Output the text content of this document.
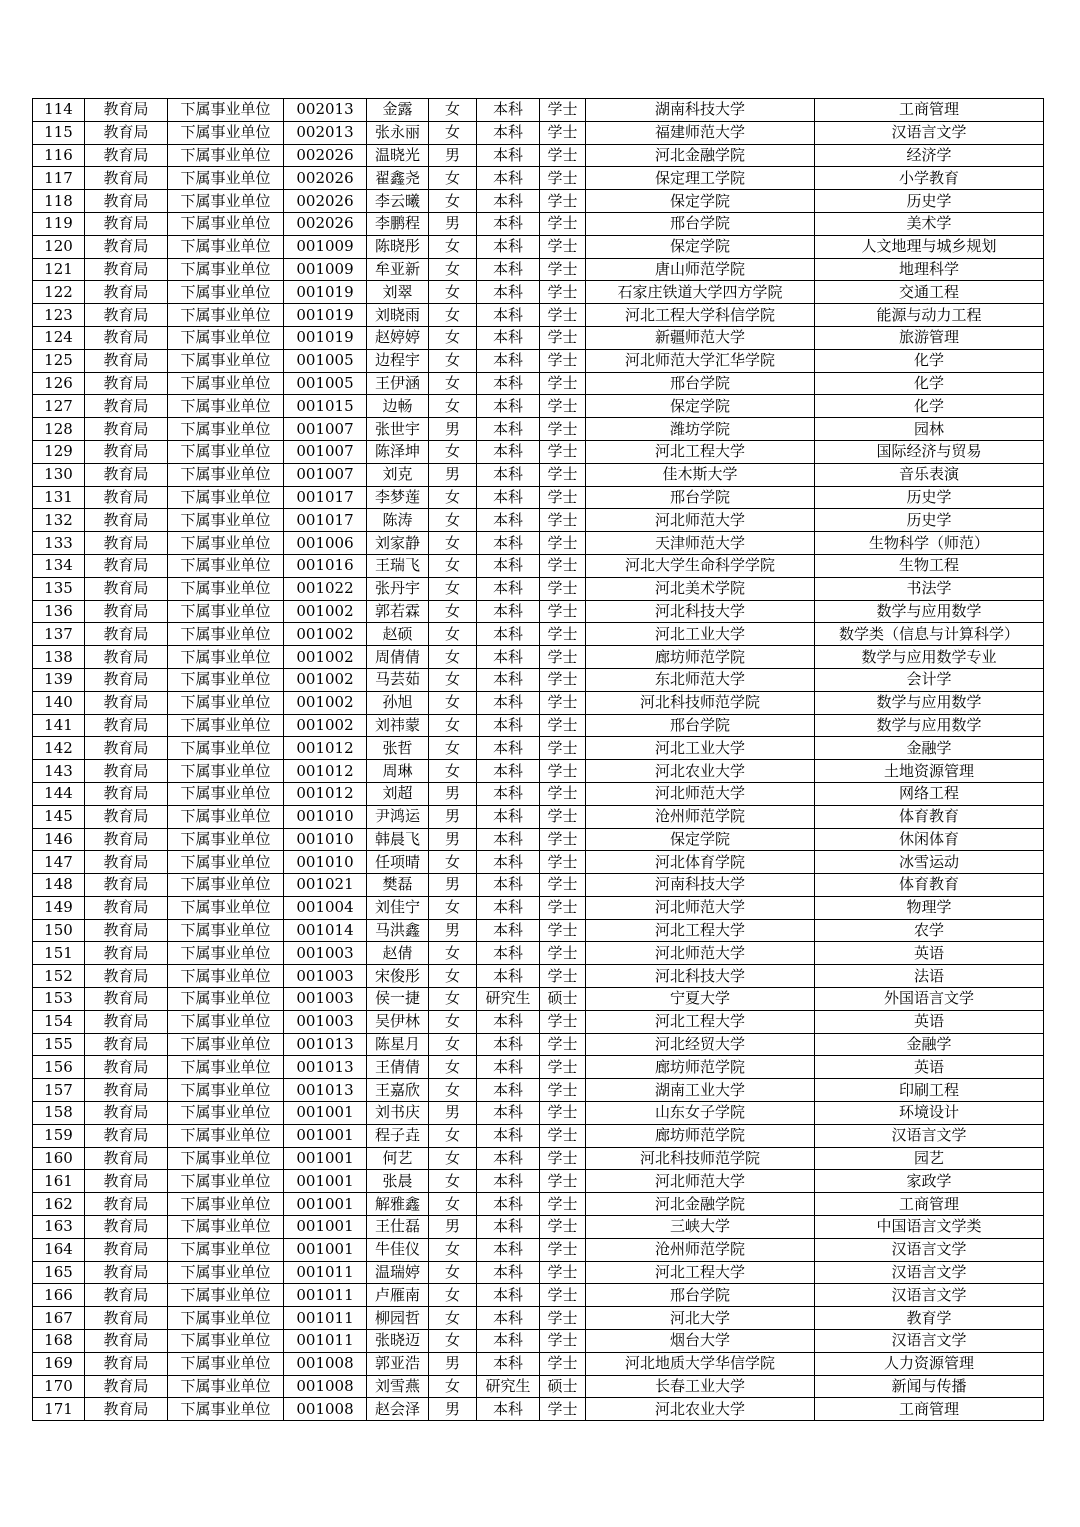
114	教育局	下属事业单位	002013	金露	女	本科	学士	湖南科技大学	工商管理
115	教育局	下属事业单位	002013	张永丽	女	本科	学士	福建师范大学	汉语言文学
116	教育局	下属事业单位	002026	温晓光	男	本科	学士	河北金融学院	经济学
117	教育局	下属事业单位	002026	翟鑫尧	女	本科	学士	保定理工学院	小学教育
118	教育局	下属事业单位	002026	李云曦	女	本科	学士	保定学院	历史学
119	教育局	下属事业单位	002026	李鹏程	男	本科	学士	邢台学院	美术学
120	教育局	下属事业单位	001009	陈晓彤	女	本科	学士	保定学院	人文地理与城乡规划
121	教育局	下属事业单位	001009	牟亚新	女	本科	学士	唐山师范学院	地理科学
122	教育局	下属事业单位	001019	刘翠	女	本科	学士	石家庄铁道大学四方学院	交通工程
123	教育局	下属事业单位	001019	刘晓雨	女	本科	学士	河北工程大学科信学院	能源与动力工程
124	教育局	下属事业单位	001019	赵婷婷	女	本科	学士	新疆师范大学	旅游管理
125	教育局	下属事业单位	001005	边程宇	女	本科	学士	河北师范大学汇华学院	化学
126	教育局	下属事业单位	001005	王伊涵	女	本科	学士	邢台学院	化学
127	教育局	下属事业单位	001015	边畅	女	本科	学士	保定学院	化学
128	教育局	下属事业单位	001007	张世宇	男	本科	学士	潍坊学院	园林
129	教育局	下属事业单位	001007	陈泽坤	女	本科	学士	河北工程大学	国际经济与贸易
130	教育局	下属事业单位	001007	刘克	男	本科	学士	佳木斯大学	音乐表演
131	教育局	下属事业单位	001017	李梦莲	女	本科	学士	邢台学院	历史学
132	教育局	下属事业单位	001017	陈涛	女	本科	学士	河北师范大学	历史学
133	教育局	下属事业单位	001006	刘家静	女	本科	学士	天津师范大学	生物科学（师范）
134	教育局	下属事业单位	001016	王瑞飞	女	本科	学士	河北大学生命科学学院	生物工程
135	教育局	下属事业单位	001022	张丹宇	女	本科	学士	河北美术学院	书法学
136	教育局	下属事业单位	001002	郭若霖	女	本科	学士	河北科技大学	数学与应用数学
137	教育局	下属事业单位	001002	赵硕	女	本科	学士	河北工业大学	数学类（信息与计算科学）
138	教育局	下属事业单位	001002	周倩倩	女	本科	学士	廊坊师范学院	数学与应用数学专业
139	教育局	下属事业单位	001002	马芸茹	女	本科	学士	东北师范大学	会计学
140	教育局	下属事业单位	001002	孙旭	女	本科	学士	河北科技师范学院	数学与应用数学
141	教育局	下属事业单位	001002	刘祎蒙	女	本科	学士	邢台学院	数学与应用数学
142	教育局	下属事业单位	001012	张哲	女	本科	学士	河北工业大学	金融学
143	教育局	下属事业单位	001012	周琳	女	本科	学士	河北农业大学	土地资源管理
144	教育局	下属事业单位	001012	刘超	男	本科	学士	河北师范大学	网络工程
145	教育局	下属事业单位	001010	尹鸿运	男	本科	学士	沧州师范学院	体育教育
146	教育局	下属事业单位	001010	韩晨飞	男	本科	学士	保定学院	休闲体育
147	教育局	下属事业单位	001010	任项晴	女	本科	学士	河北体育学院	冰雪运动
148	教育局	下属事业单位	001021	樊磊	男	本科	学士	河南科技大学	体育教育
149	教育局	下属事业单位	001004	刘佳宁	女	本科	学士	河北师范大学	物理学
150	教育局	下属事业单位	001014	马洪鑫	男	本科	学士	河北工程大学	农学
151	教育局	下属事业单位	001003	赵倩	女	本科	学士	河北师范大学	英语
152	教育局	下属事业单位	001003	宋俊彤	女	本科	学士	河北科技大学	法语
153	教育局	下属事业单位	001003	侯一捷	女	研究生	硕士	宁夏大学	外国语言文学
154	教育局	下属事业单位	001003	吴伊林	女	本科	学士	河北工程大学	英语
155	教育局	下属事业单位	001013	陈星月	女	本科	学士	河北经贸大学	金融学
156	教育局	下属事业单位	001013	王倩倩	女	本科	学士	廊坊师范学院	英语
157	教育局	下属事业单位	001013	王嘉欣	女	本科	学士	湖南工业大学	印刷工程
158	教育局	下属事业单位	001001	刘书庆	男	本科	学士	山东女子学院	环境设计
159	教育局	下属事业单位	001001	程子垚	女	本科	学士	廊坊师范学院	汉语言文学
160	教育局	下属事业单位	001001	何艺	女	本科	学士	河北科技师范学院	园艺
161	教育局	下属事业单位	001001	张晨	女	本科	学士	河北师范大学	家政学
162	教育局	下属事业单位	001001	解雅鑫	女	本科	学士	河北金融学院	工商管理
163	教育局	下属事业单位	001001	王仕磊	男	本科	学士	三峡大学	中国语言文学类
164	教育局	下属事业单位	001001	牛佳仪	女	本科	学士	沧州师范学院	汉语言文学
165	教育局	下属事业单位	001011	温瑞婷	女	本科	学士	河北工程大学	汉语言文学
166	教育局	下属事业单位	001011	卢雁南	女	本科	学士	邢台学院	汉语言文学
167	教育局	下属事业单位	001011	柳园哲	女	本科	学士	河北大学	教育学
168	教育局	下属事业单位	001011	张晓迈	女	本科	学士	烟台大学	汉语言文学
169	教育局	下属事业单位	001008	郭亚浩	男	本科	学士	河北地质大学华信学院	人力资源管理
170	教育局	下属事业单位	001008	刘雪燕	女	研究生	硕士	长春工业大学	新闻与传播
171	教育局	下属事业单位	001008	赵会泽	男	本科	学士	河北农业大学	工商管理
